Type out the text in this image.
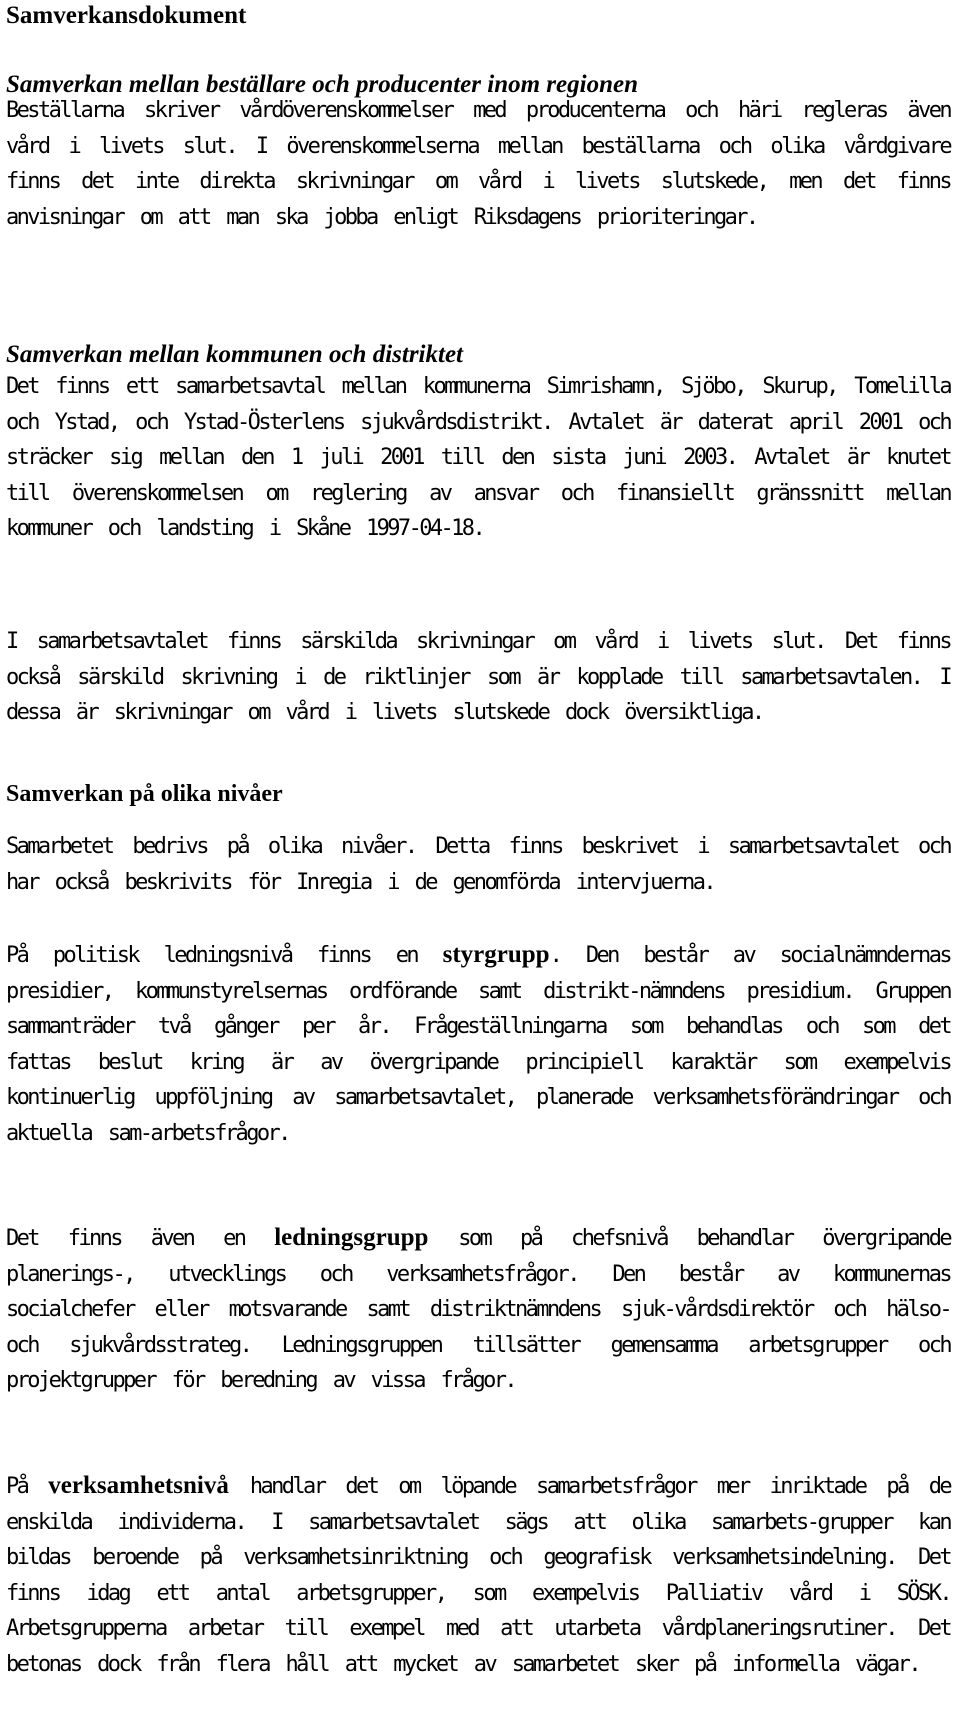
Samverkansdokument
Samverkan mellan beställare och producenter inom regionen

Beställarna skriver vårdöverenskommelser med producenterna och häri regleras även vård i livets slut. I överenskommelserna mellan beställarna och olika vårdgivare finns det inte direkta skrivningar om vård i livets slutskede, men det finns anvisningar om att man ska jobba enligt Riksdagens prioriteringar.

Samverkan mellan kommunen och distriktet

Det finns ett samarbetsavtal mellan kommunerna Simrishamn, Sjöbo, Skurup, Tomelilla och Ystad, och Ystad-Österlens sjukvårdsdistrikt. Avtalet är daterat april 2001 och sträcker sig mellan den 1 juli 2001 till den sista juni 2003. Avtalet är knutet till överenskommelsen om reglering av ansvar och finansiellt gränssnitt mellan kommuner och landsting i Skåne 1997-04-18.

I samarbetsavtalet finns särskilda skrivningar om vård i livets slut. Det finns också särskild skrivning i de riktlinjer som är kopplade till samarbetsavtalen. I dessa är skrivningar om vård i livets slutskede dock översiktliga.

Samverkan på olika nivåer

Samarbetet bedrivs på olika nivåer. Detta finns beskrivet i samarbetsavtalet och har också beskrivits för Inregia i de genomförda intervjuerna.

På politisk ledningsnivå finns en styrgrupp. Den består av socialnämndernas presidier, kommunstyrelsernas ordförande samt distrikt-nämndens presidium. Gruppen sammanträder två gånger per år. Frågeställningarna som behandlas och som det fattas beslut kring är av övergripande principiell karaktär som exempelvis kontinuerlig uppföljning av samarbetsavtalet, planerade verksamhetsförändringar och aktuella sam-arbetsfrågor.

Det finns även en ledningsgrupp som på chefsnivå behandlar övergripande planerings-, utvecklings och verksamhetsfrågor. Den består av kommunernas socialchefer eller motsvarande samt distriktnämndens sjuk-vårdsdirektör och hälso- och sjukvårdsstrateg. Ledningsgruppen tillsätter gemensamma arbetsgrupper och projektgrupper för beredning av vissa frågor.

På verksamhetsnivå handlar det om löpande samarbetsfrågor mer inriktade på de enskilda individerna. I samarbetsavtalet sägs att olika samarbets-grupper kan bildas beroende på verksamhetsinriktning och geografisk verksamhetsindelning. Det finns idag ett antal arbetsgrupper, som exempelvis Palliativ vård i SÖSK. Arbetsgrupperna arbetar till exempel med att utarbeta vårdplaneringsrutiner. Det betonas dock från flera håll att mycket av samarbetet sker på informella vägar.
